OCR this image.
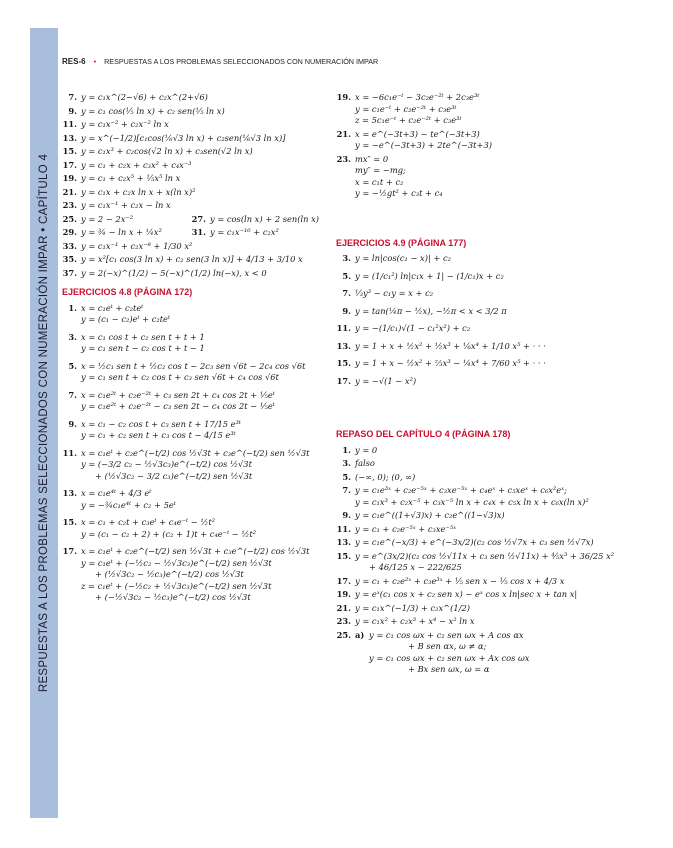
RESPUESTAS A LOS PROBLEMAS SELECCIONADOS CON NUMERACIÓN IMPAR • CAPÍTULO 4
RES-6 • RESPUESTAS A LOS PROBLEMAS SELECCIONADOS CON NUMERACIÓN IMPAR
7. y = c₁x^(2−√6) + c₂x^(2+√6)
9. y = c₁ cos(⅕ ln x) + c₂ sen(⅕ ln x)
11. y = c₁x⁻² + c₂x⁻² ln x
13. y = x^(−1/2)[c₁cos(⅙√3 ln x) + c₂sen(⅙√3 ln x)]
15. y = c₁x³ + c₂cos(√2 ln x) + c₃sen(√2 ln x)
17. y = c₁ + c₂x + c₃x² + c₄x⁻³
19. y = c₁ + c₂x⁵ + ⅕x⁵ ln x
21. y = c₁x + c₂x ln x + x(ln x)²
23. y = c₁x⁻¹ + c₂x − ln x
25. y = 2 − 2x⁻²	27. y = cos(ln x) + 2 sen(ln x)
29. y = ¾ − ln x + ¼x²	31. y = c₁x⁻¹⁰ + c₂x²
33. y = c₁x⁻¹ + c₂x⁻⁸ + 1/30 x²
35. y = x²[c₁ cos(3 ln x) + c₂ sen(3 ln x)] + 4/13 + 3/10 x
37. y = 2(−x)^(1/2) − 5(−x)^(1/2) ln(−x), x < 0
EJERCICIOS 4.8 (PÁGINA 172)
1. x = c₁eᵗ + c₂teᵗ
y = (c₁ − c₂)eᵗ + c₂teᵗ
3. x = c₁ cos t + c₂ sen t + t + 1
y = c₁ sen t − c₂ cos t + t − 1
5. x = ½c₁ sen t + ½c₂ cos t − 2c₃ sen √6t − 2c₄ cos √6t
y = c₁ sen t + c₂ cos t + c₃ sen √6t + c₄ cos √6t
7. x = c₁e²ᵗ + c₂e⁻²ᵗ + c₃ sen 2t + c₄ cos 2t + ⅕eᵗ
y = c₁e²ᵗ + c₂e⁻²ᵗ − c₃ sen 2t − c₄ cos 2t − ⅕eᵗ
9. x = c₁ − c₂ cos t + c₃ sen t + 17/15 e³ᵗ
y = c₁ + c₂ sen t + c₃ cos t − 4/15 e³ᵗ
11. x = c₁eᵗ + c₂e^(−t/2) cos ½√3t + c₃e^(−t/2) sen ½√3t
y = (−3/2 c₂ − ½√3c₃)e^(−t/2) cos ½√3t
+ (½√3c₂ − 3/2 c₃)e^(−t/2) sen ½√3t
13. x = c₁e⁴ᵗ + 4/3 eᵗ
y = −¾c₁e⁴ᵗ + c₂ + 5eᵗ
15. x = c₁ + c₂t + c₃eᵗ + c₄e⁻ᵗ − ½t²
y = (c₁ − c₂ + 2) + (c₂ + 1)t + c₄e⁻ᵗ − ½t²
17. x = c₁eᵗ + c₂e^(−t/2) sen ½√3t + c₃e^(−t/2) cos ½√3t
y = c₁eᵗ + (−½c₂ − ½√3c₃)e^(−t/2) sen ½√3t
+ (½√3c₂ − ½c₃)e^(−t/2) cos ½√3t
z = c₁eᵗ + (−½c₂ + ½√3c₃)e^(−t/2) sen ½√3t
+ (−½√3c₂ − ½c₃)e^(−t/2) cos ½√3t
19. x = −6c₁e⁻ᵗ − 3c₂e⁻²ᵗ + 2c₃e³ᵗ
y = c₁e⁻ᵗ + c₂e⁻²ᵗ + c₃e³ᵗ
z = 5c₁e⁻ᵗ + c₂e⁻²ᵗ + c₃e³ᵗ
21. x = e^(−3t+3) − te^(−3t+3)
y = −e^(−3t+3) + 2te^(−3t+3)
23. mx″ = 0
my″ = −mg;
x = c₁t + c₂
y = −½gt² + c₃t + c₄
EJERCICIOS 4.9 (PÁGINA 177)
3. y = ln|cos(c₁ − x)| + c₂
5. y = (1/c₁²) ln|c₁x + 1| − (1/c₁)x + c₂
7. ⅓y³ − c₁y = x + c₂
9. y = tan(¼π − ½x), −½π < x < 3/2 π
11. y = −(1/c₁)√(1 − c₁²x²) + c₂
13. y = 1 + x + ½x² + ½x³ + ⅙x⁴ + 1/10 x⁵ + · · ·
15. y = 1 + x − ½x² + ⅔x³ − ¼x⁴ + 7/60 x⁵ + · · ·
17. y = −√(1 − x²)
REPASO DEL CAPÍTULO 4 (PÁGINA 178)
1. y = 0
3. falso
5. (−∞, 0); (0, ∞)
7. y = c₁e³ˣ + c₂e⁻⁵ˣ + c₃xe⁻⁵ˣ + c₄eˣ + c₅xeˣ + c₆x²eˣ;
y = c₁x³ + c₂x⁻⁵ + c₃x⁻⁵ ln x + c₄x + c₅x ln x + c₆x(ln x)²
9. y = c₁e^((1+√3)x) + c₂e^((1−√3)x)
11. y = c₁ + c₂e⁻⁵ˣ + c₃xe⁻⁵ˣ
13. y = c₁e^(−x/3) + e^(−3x/2)(c₂ cos ½√7x + c₃ sen ½√7x)
15. y = e^(3x/2)(c₂ cos ½√11x + c₃ sen ½√11x) + ⅘x³ + 36/25 x²
+ 46/125 x − 222/625
17. y = c₁ + c₂e²ˣ + c₃e³ˣ + ⅕ sen x − ⅕ cos x + 4/3 x
19. y = eˣ(c₁ cos x + c₂ sen x) − eˣ cos x ln|sec x + tan x|
21. y = c₁x^(−1/3) + c₂x^(1/2)
23. y = c₁x² + c₂x³ + x⁴ − x² ln x
25. a) y = c₁ cos ωx + c₂ sen ωx + A cos αx
+ B sen αx, ω ≠ α;
y = c₁ cos ωx + c₂ sen ωx + Ax cos ωx
+ Bx sen ωx, ω = α
